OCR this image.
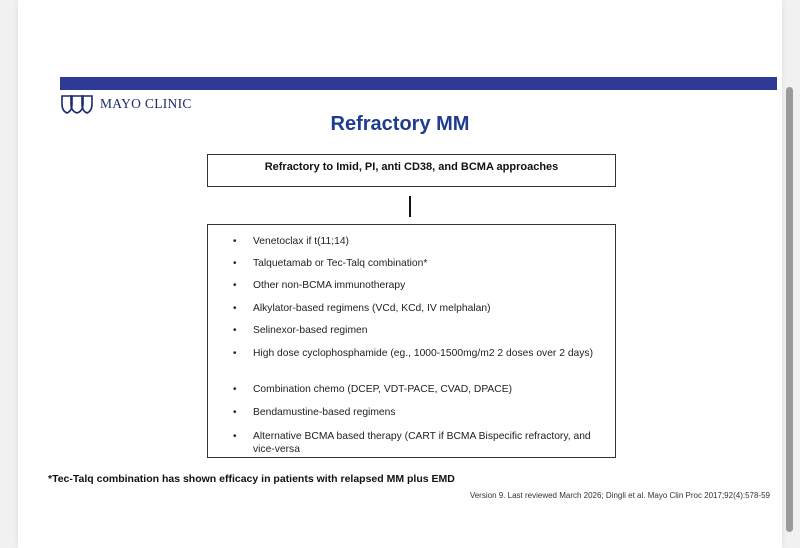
MAYO CLINIC
Refractory MM
Refractory to Imid, PI, anti CD38, and BCMA approaches
• Venetoclax if t(11;14)
• Talquetamab or Tec-Talq combination*
• Other non-BCMA immunotherapy
• Alkylator-based regimens (VCd, KCd, IV melphalan)
• Selinexor-based regimen
• High dose cyclophosphamide (eg., 1000-1500mg/m2 2 doses over 2 days)
• Combination chemo (DCEP, VDT-PACE, CVAD, DPACE)
• Bendamustine-based regimens
• Alternative BCMA based therapy (CART if BCMA Bispecific refractory, and vice-versa
*Tec-Talq combination has shown efficacy in patients with relapsed MM plus EMD
Version 9. Last reviewed March 2026; Dingli et al. Mayo Clin Proc 2017;92(4):578-59
